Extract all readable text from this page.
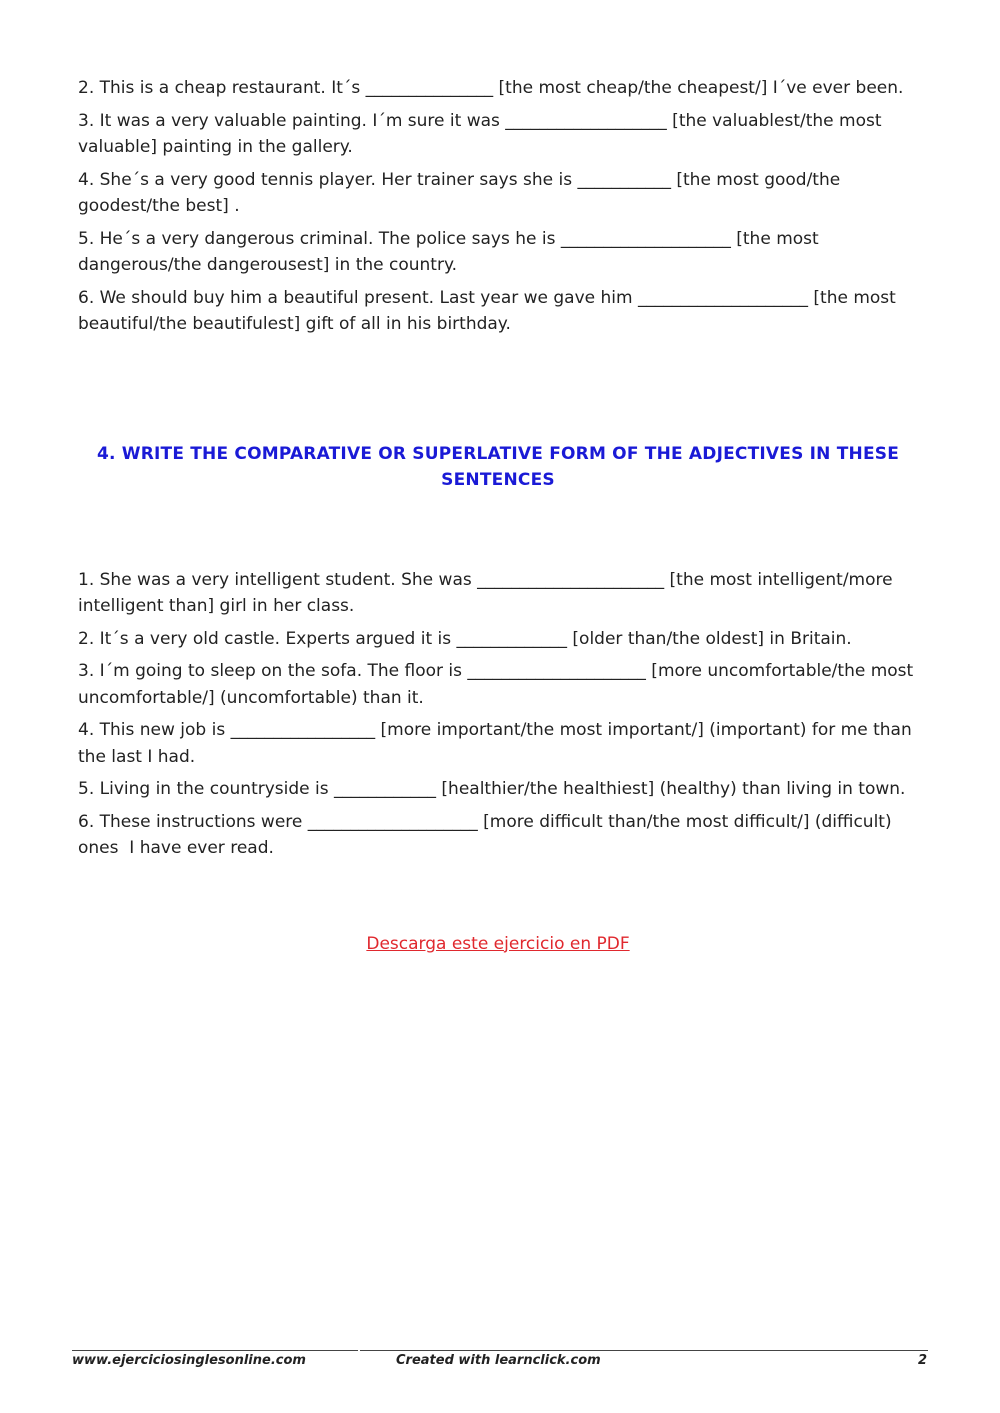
2. This is a cheap restaurant. It´s _______________ [the most cheap/the cheapest/] I´ve ever been.
3. It was a very valuable painting. I´m sure it was ___________________ [the valuablest/the most valuable] painting in the gallery.
4. She´s a very good tennis player. Her trainer says she is ___________ [the most good/the goodest/the best] .
5. He´s a very dangerous criminal. The police says he is ____________________ [the most dangerous/the dangerousest] in the country.
6. We should buy him a beautiful present. Last year we gave him ____________________ [the most beautiful/the beautifulest] gift of all in his birthday.
4. WRITE THE COMPARATIVE OR SUPERLATIVE FORM OF THE ADJECTIVES IN THESE SENTENCES
1. She was a very intelligent student. She was ______________________ [the most intelligent/more intelligent than] girl in her class.
2. It´s a very old castle. Experts argued it is _____________ [older than/the oldest] in Britain.
3. I´m going to sleep on the sofa. The floor is _____________________ [more uncomfortable/the most uncomfortable/] (uncomfortable) than it.
4. This new job is _________________ [more important/the most important/] (important) for me than the last I had.
5. Living in the countryside is ____________ [healthier/the healthiest] (healthy) than living in town.
6. These instructions were ____________________ [more difficult than/the most difficult/] (difficult) ones  I have ever read.
Descarga este ejercicio en PDF
www.ejerciciosinglesonline.com	Created with learnclick.com	2
